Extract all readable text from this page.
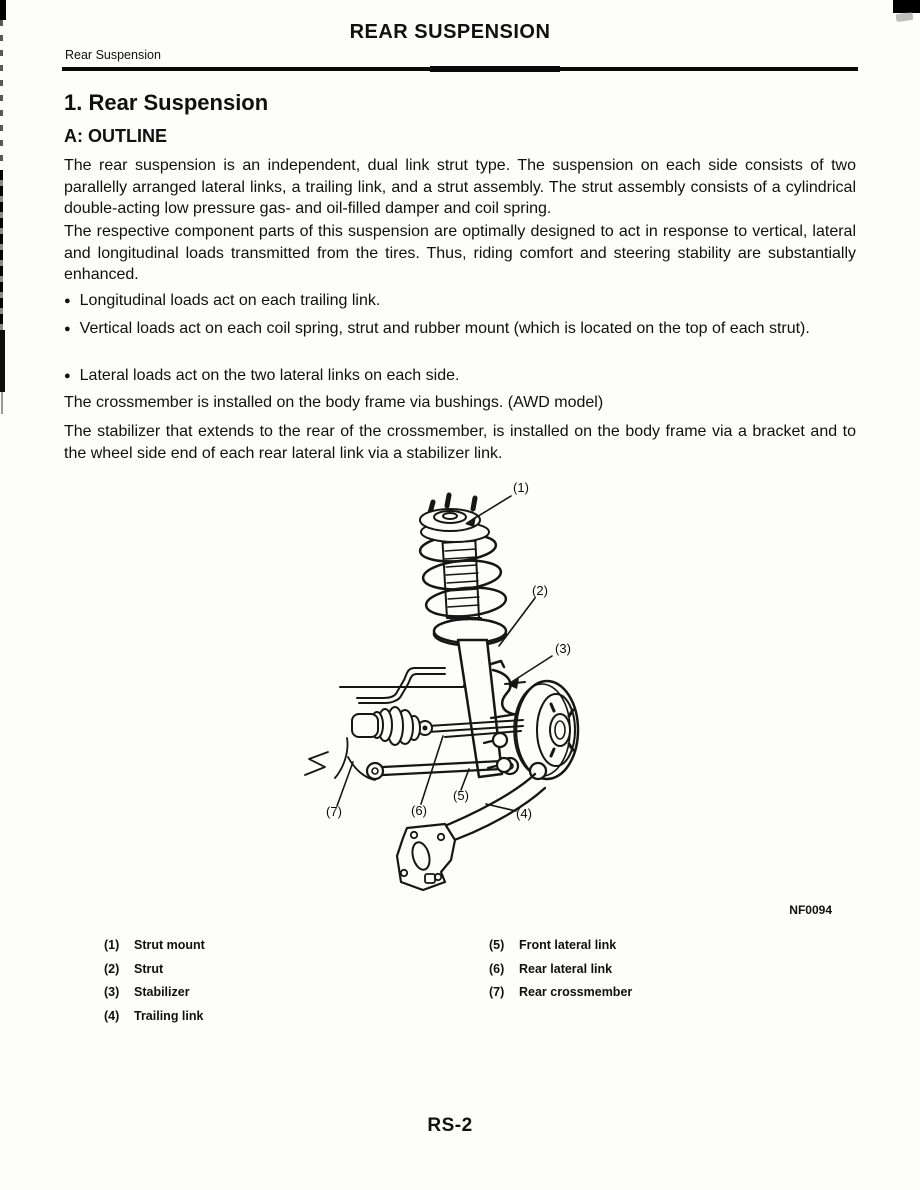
REAR SUSPENSION
Rear Suspension
1. Rear Suspension
A: OUTLINE
The rear suspension is an independent, dual link strut type. The suspension on each side consists of two parallelly arranged lateral links, a trailing link, and a strut assembly. The strut assembly consists of a cylindrical double-acting low pressure gas- and oil-filled damper and coil spring.
The respective component parts of this suspension are optimally designed to act in response to vertical, lateral and longitudinal loads transmitted from the tires. Thus, riding comfort and steering stability are substantially enhanced.
● Longitudinal loads act on each trailing link.
● Vertical loads act on each coil spring, strut and rubber mount (which is located on the top of each strut).
● Lateral loads act on the two lateral links on each side.
The crossmember is installed on the body frame via bushings. (AWD model)
The stabilizer that extends to the rear of the crossmember, is installed on the body frame via a bracket and to the wheel side end of each rear lateral link via a stabilizer link.
(1)
(2)
(3)
(4)
(5)
(6)
(7)
NF0094
(1) Strut mount
(2) Strut
(3) Stabilizer
(4) Trailing link
(5) Front lateral link
(6) Rear lateral link
(7) Rear crossmember
RS-2
